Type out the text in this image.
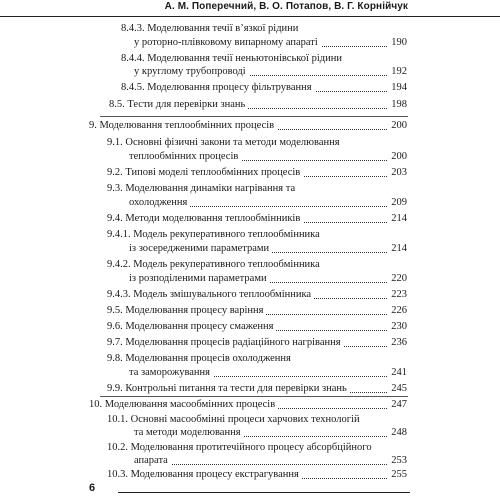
А. М. Поперечний, В. О. Потапов, В. Г. Корнійчук
8.4.3. Моделювання течії в’язкої рідини
у роторно-плівковому випарному апараті	190
8.4.4. Моделювання течії неньютонівської рідини
у круглому трубопроводі	192
8.4.5. Моделювання процесу фільтрування	194
8.5. Тести для перевірки знань	198
9. Моделювання теплообмінних процесів	200
9.1. Основні фізичні закони та методи моделювання
теплообмінних процесів	200
9.2. Типові моделі теплообмінних процесів	203
9.3. Моделювання динаміки нагрівання та
охолодження	209
9.4. Методи моделювання теплообмінників	214
9.4.1. Модель рекуперативного теплообмінника
із зосередженими параметрами	214
9.4.2. Модель рекуперативного теплообмінника
із розподіленими параметрами	220
9.4.3. Модель змішувального теплообмінника	223
9.5. Моделювання процесу варіння	226
9.6. Моделювання процесу смаження	230
9.7. Моделювання процесів радіаційного нагрівання	236
9.8. Моделювання процесів охолодження
та заморожування	241
9.9. Контрольні питання та тести для перевірки знань	245
10. Моделювання масообмінних процесів	247
10.1. Основні масообмінні процеси харчових технологій
та методи моделювання	248
10.2. Моделювання протитечійного процесу абсорбційного
апарата	253
10.3. Моделювання процесу екстрагування	255
6
